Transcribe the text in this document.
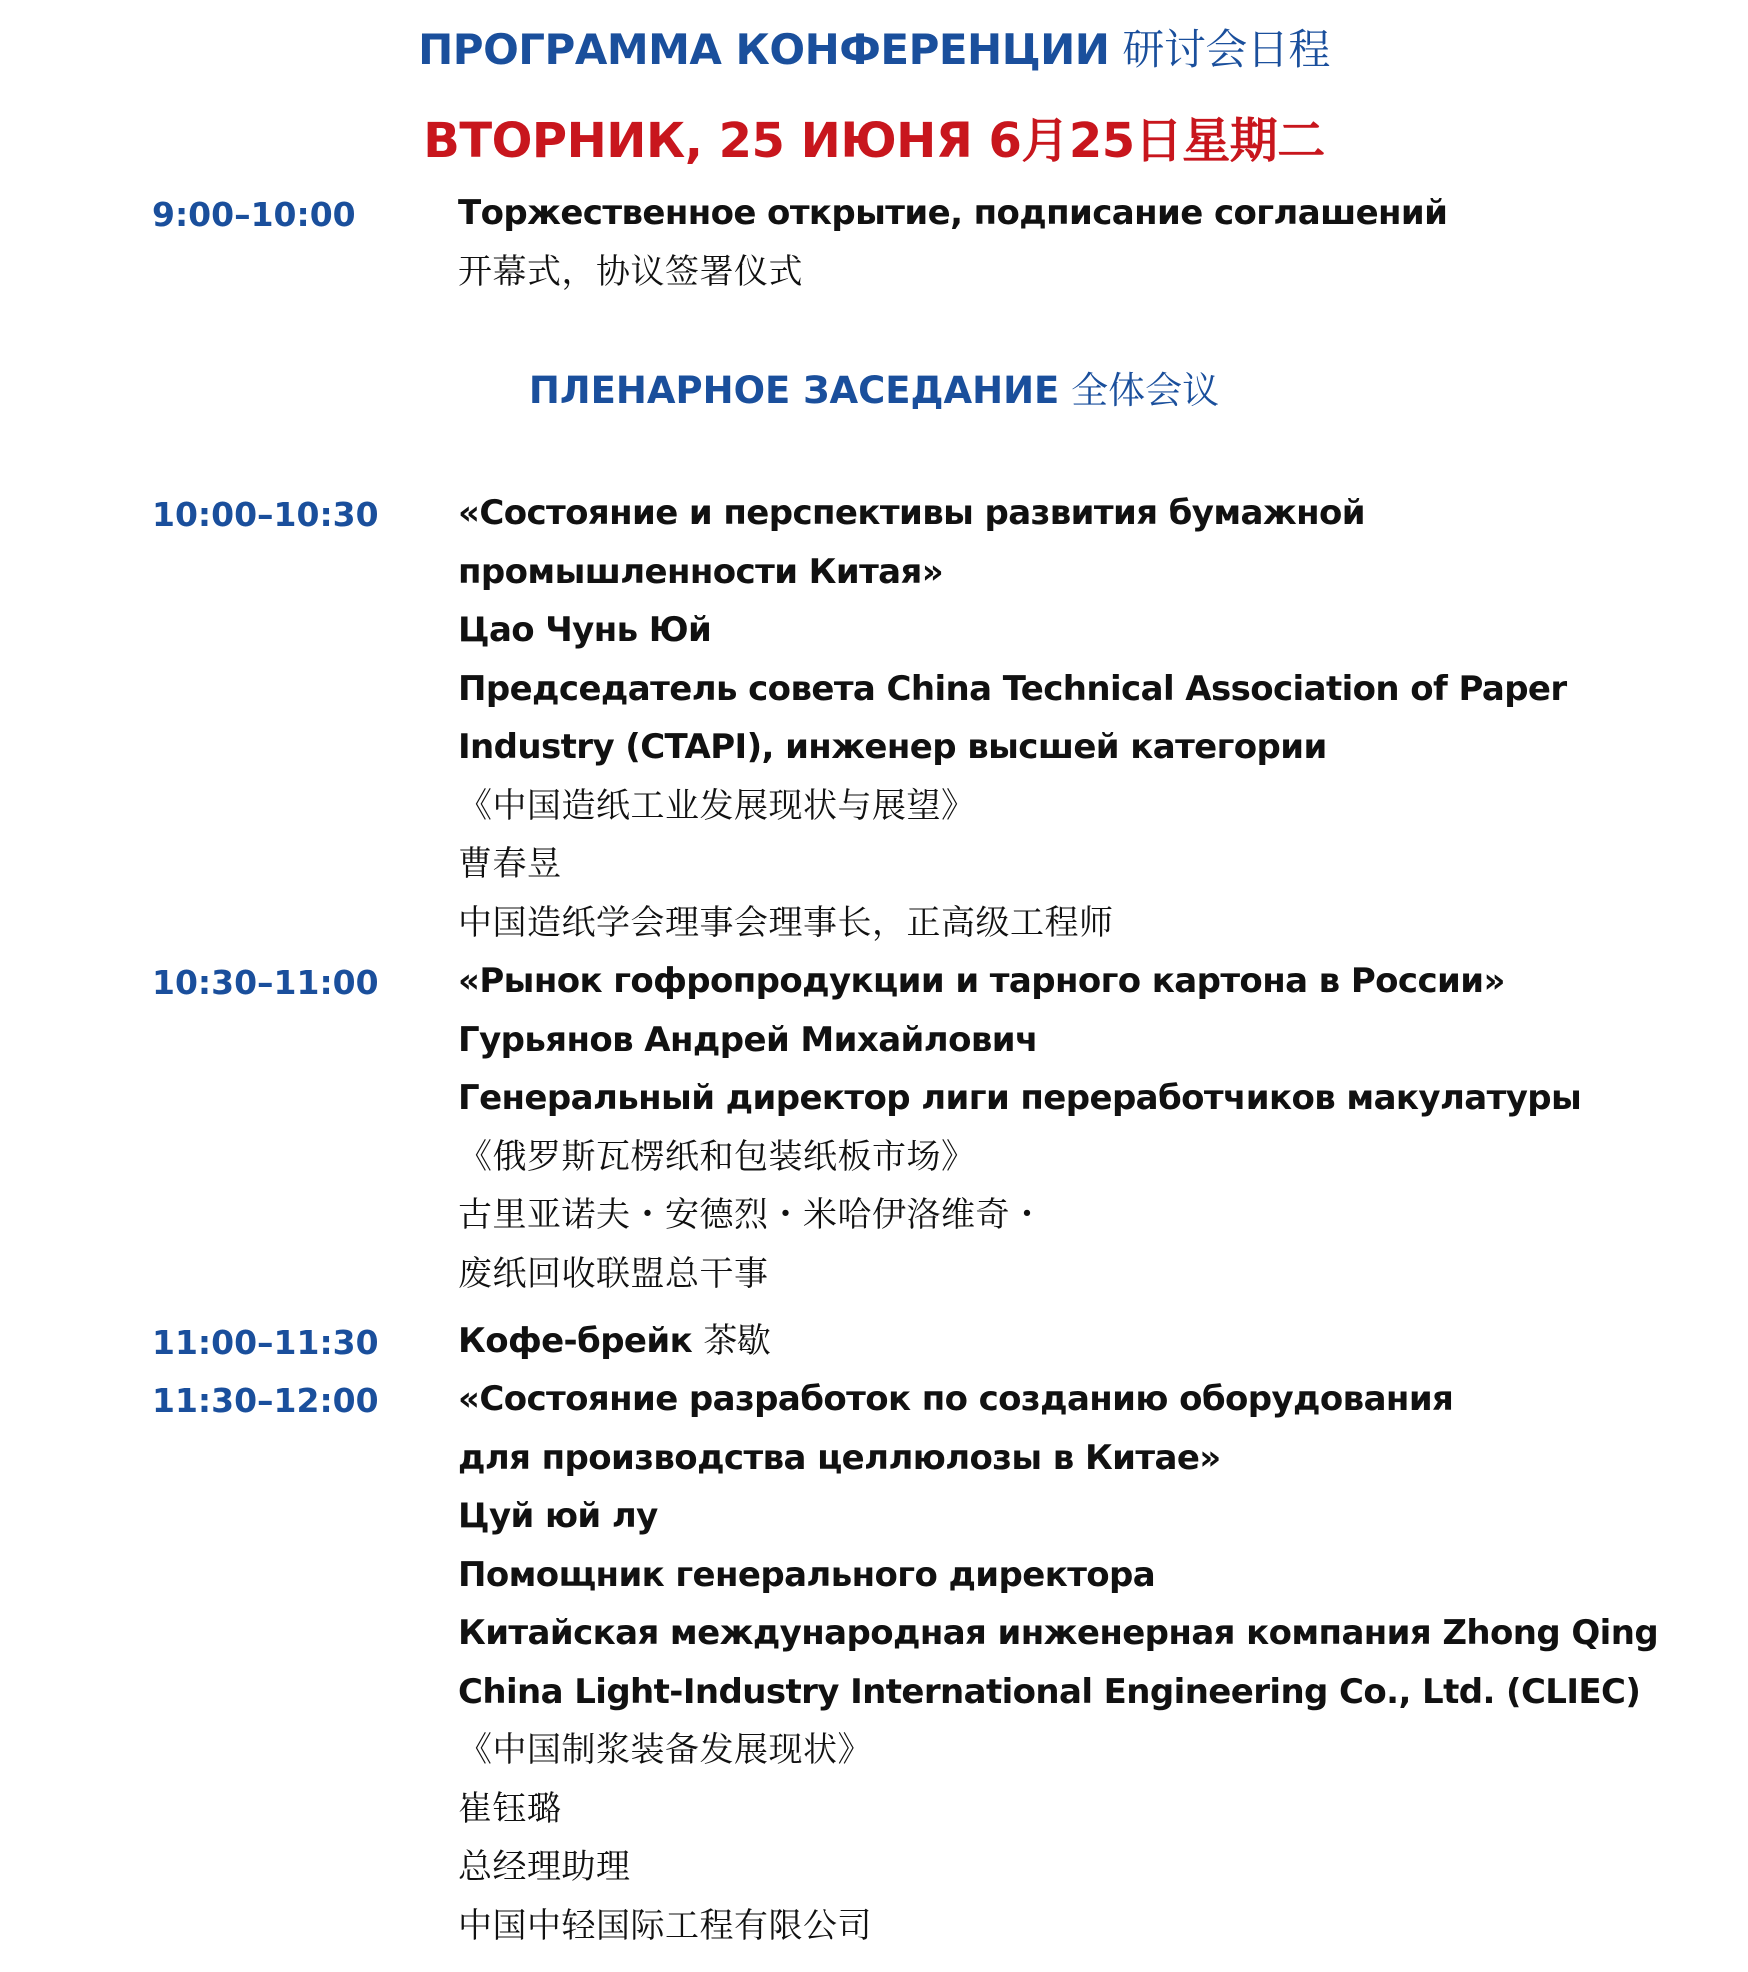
ПРОГРАММА КОНФЕРЕНЦИИ 研讨会日程
ВТОРНИК, 25 ИЮНЯ 6月25日星期二
9:00–10:00	Торжественное открытие, подписание соглашений
开幕式，协议签署仪式
ПЛЕНАРНОЕ ЗАСЕДАНИЕ 全体会议
10:00–10:30 «Состояние и перспективы развития бумажной
промышленности Китая»
Цао Чунь Юй
Председатель совета China Technical Association of Paper
Industry (CTAPI), инженер высшей категории
《中国造纸工业发展现状与展望》
曹春昱
中国造纸学会理事会理事长，正高级工程师
10:30–11:00 «Рынок гофропродукции и тарного картона в России»
Гурьянов Андрей Михайлович
Генеральный директор лиги переработчиков макулатуры
《俄罗斯瓦楞纸和包装纸板市场》
古里亚诺夫・安德烈・米哈伊洛维奇・
废纸回收联盟总干事
11:00–11:30 Кофе-брейк 茶歇
11:30–12:00 «Состояние разработок по созданию оборудования
для производства целлюлозы в Китае»
Цуй юй лу
Помощник генерального директора
Китайская международная инженерная компания Zhong Qing
China Light-Industry International Engineering Co., Ltd. (CLIEC)
《中国制浆装备发展现状》
崔钰璐
总经理助理
中国中轻国际工程有限公司
